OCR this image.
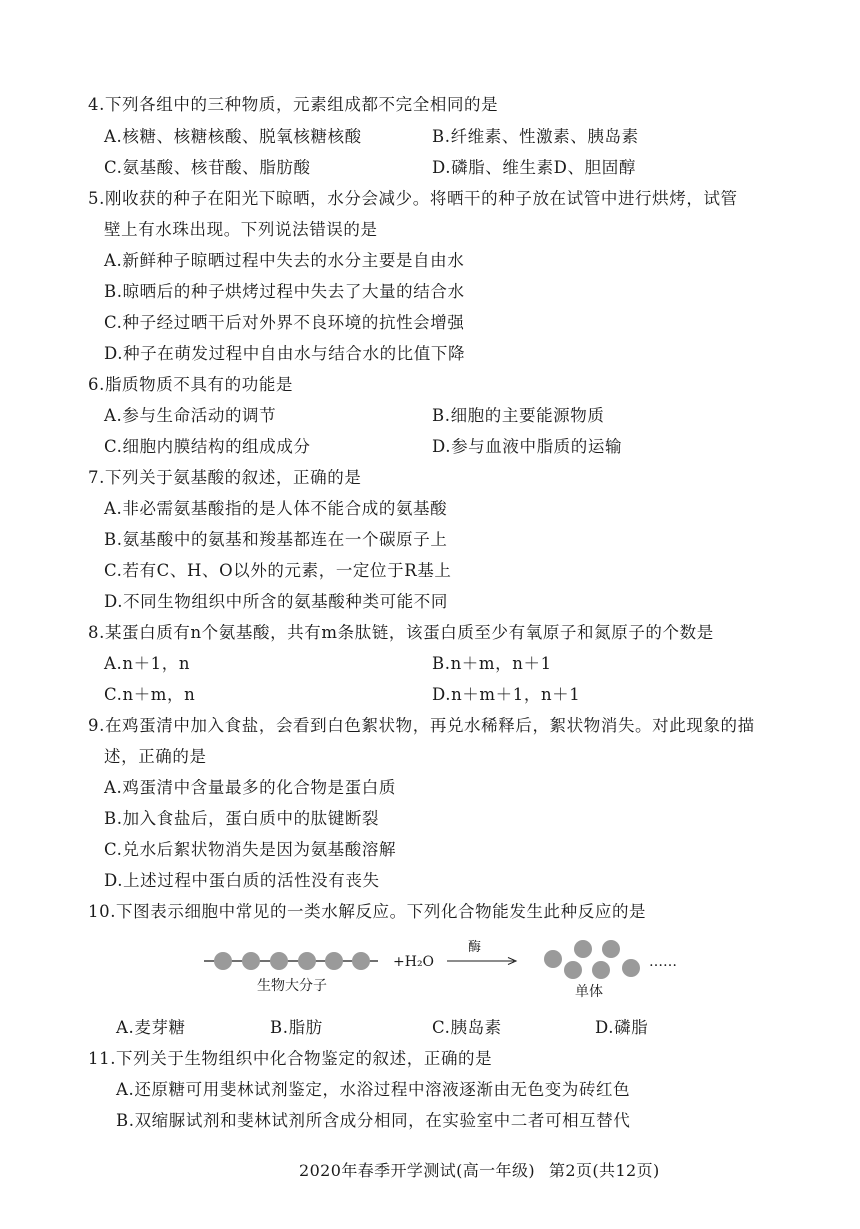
4.下列各组中的三种物质，元素组成都不完全相同的是
A.核糖、核糖核酸、脱氧核糖核酸	B.纤维素、性激素、胰岛素
C.氨基酸、核苷酸、脂肪酸	D.磷脂、维生素D、胆固醇
5.刚收获的种子在阳光下晾晒，水分会减少。将晒干的种子放在试管中进行烘烤，试管
壁上有水珠出现。下列说法错误的是
A.新鲜种子晾晒过程中失去的水分主要是自由水
B.晾晒后的种子烘烤过程中失去了大量的结合水
C.种子经过晒干后对外界不良环境的抗性会增强
D.种子在萌发过程中自由水与结合水的比值下降
6.脂质物质不具有的功能是
A.参与生命活动的调节	B.细胞的主要能源物质
C.细胞内膜结构的组成成分	D.参与血液中脂质的运输
7.下列关于氨基酸的叙述，正确的是
A.非必需氨基酸指的是人体不能合成的氨基酸
B.氨基酸中的氨基和羧基都连在一个碳原子上
C.若有C、H、O以外的元素，一定位于R基上
D.不同生物组织中所含的氨基酸种类可能不同
8.某蛋白质有n个氨基酸，共有m条肽链，该蛋白质至少有氧原子和氮原子的个数是
A.n＋1，n	B.n＋m，n＋1
C.n＋m，n	D.n＋m＋1，n＋1
9.在鸡蛋清中加入食盐，会看到白色絮状物，再兑水稀释后，絮状物消失。对此现象的描
述，正确的是
A.鸡蛋清中含量最多的化合物是蛋白质
B.加入食盐后，蛋白质中的肽键断裂
C.兑水后絮状物消失是因为氨基酸溶解
D.上述过程中蛋白质的活性没有丧失
10.下图表示细胞中常见的一类水解反应。下列化合物能发生此种反应的是
+H₂O
酶
……
生物大分子	单体
A.麦芽糖	B.脂肪	C.胰岛素	D.磷脂
11.下列关于生物组织中化合物鉴定的叙述，正确的是
A.还原糖可用斐林试剂鉴定，水浴过程中溶液逐渐由无色变为砖红色
B.双缩脲试剂和斐林试剂所含成分相同，在实验室中二者可相互替代
2020年春季开学测试(高一年级) 第2页(共12页)
